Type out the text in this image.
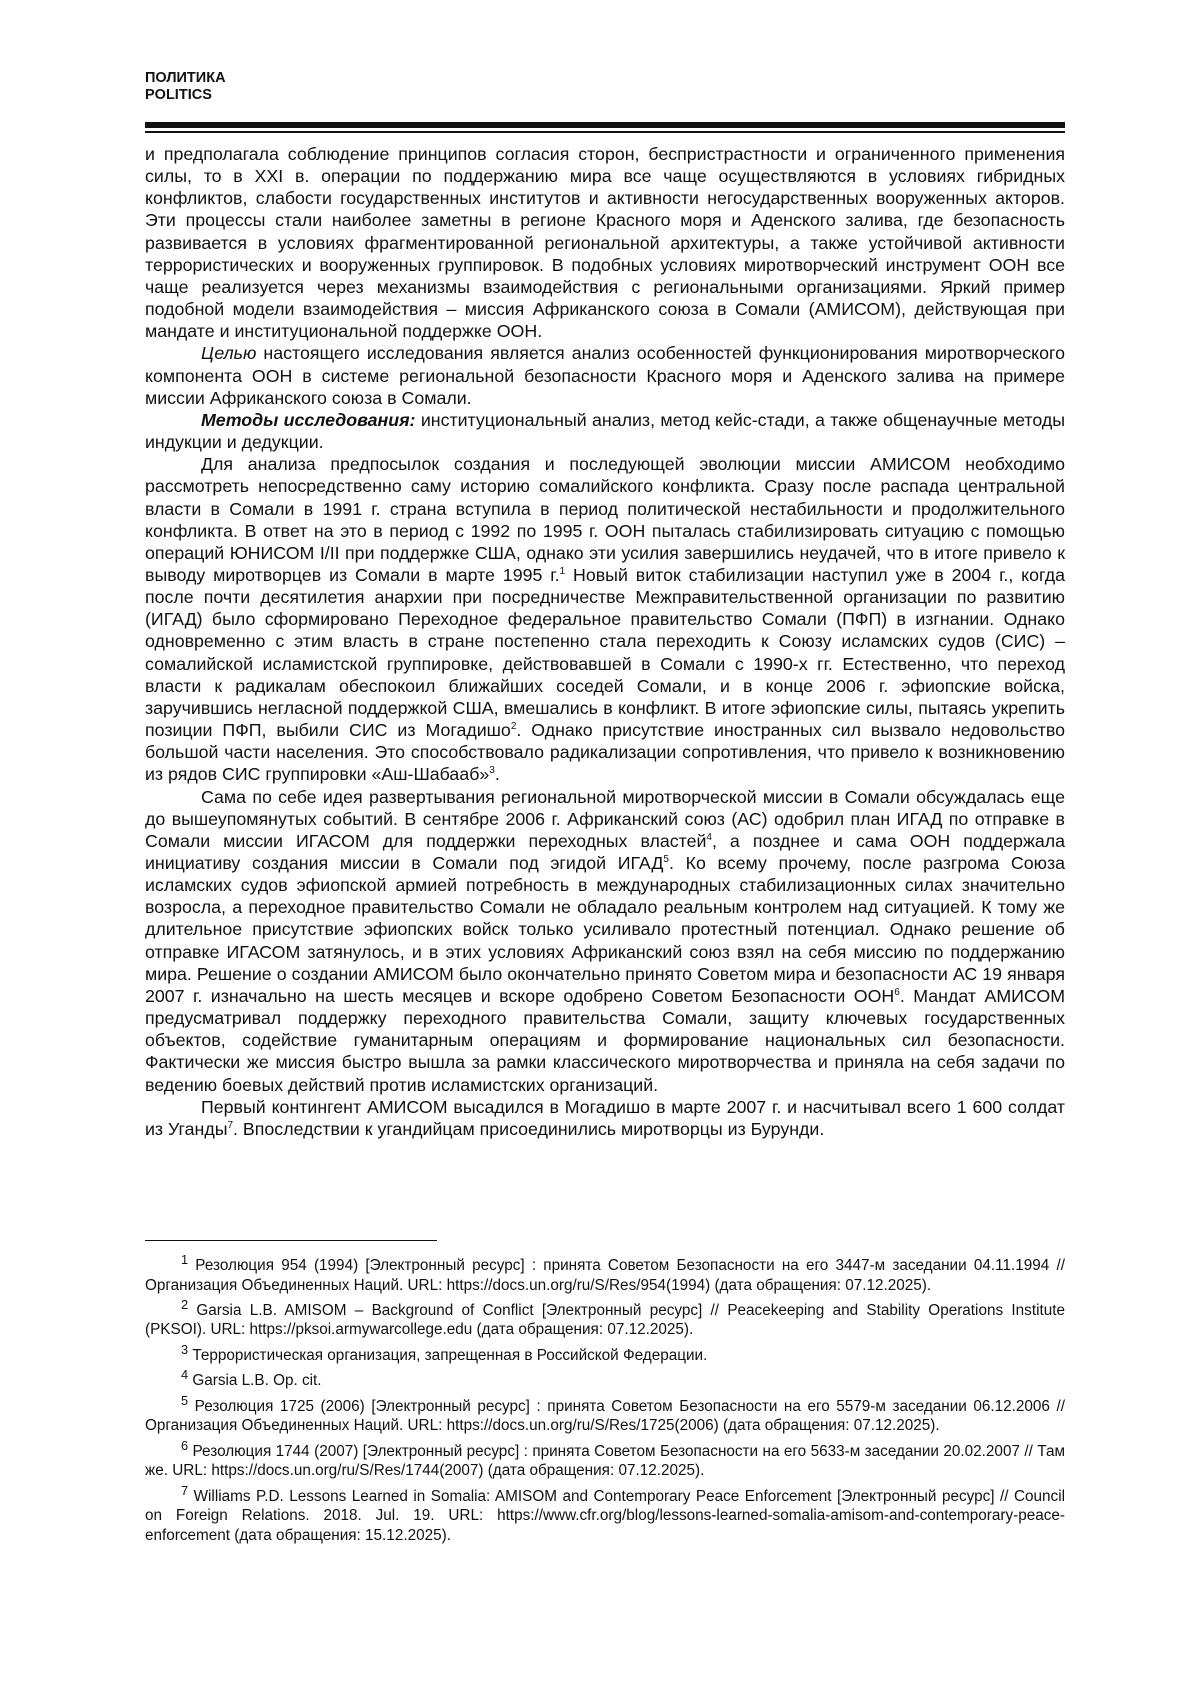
ПОЛИТИКА
POLITICS

и предполагала соблюдение принципов согласия сторон, беспристрастности и ограниченного применения силы, то в XXI в. операции по поддержанию мира все чаще осуществляются в условиях гибридных конфликтов, слабости государственных институтов и активности негосударственных вооруженных акторов. Эти процессы стали наиболее заметны в регионе Красного моря и Аденского залива, где безопасность развивается в условиях фрагментированной региональной архитектуры, а также устойчивой активности террористических и вооруженных группировок. В подобных условиях миротворческий инструмент ООН все чаще реализуется через механизмы взаимодействия с региональными организациями. Яркий пример подобной модели взаимодействия – миссия Африканского союза в Сомали (АМИСОМ), действующая при мандате и институциональной поддержке ООН.

Целью настоящего исследования является анализ особенностей функционирования миротворческого компонента ООН в системе региональной безопасности Красного моря и Аденского залива на примере миссии Африканского союза в Сомали.

Методы исследования: институциональный анализ, метод кейс-стади, а также общенаучные методы индукции и дедукции.

Для анализа предпосылок создания и последующей эволюции миссии АМИСОМ необходимо рассмотреть непосредственно саму историю сомалийского конфликта. Сразу после распада центральной власти в Сомали в 1991 г. страна вступила в период политической нестабильности и продолжительного конфликта. В ответ на это в период с 1992 по 1995 г. ООН пыталась стабилизировать ситуацию с помощью операций ЮНИСОМ I/II при поддержке США, однако эти усилия завершились неудачей, что в итоге привело к выводу миротворцев из Сомали в марте 1995 г.$^1$ Новый виток стабилизации наступил уже в 2004 г., когда после почти десятилетия анархии при посредничестве Межправительственной организации по развитию (ИГАД) было сформировано Переходное федеральное правительство Сомали (ПФП) в изгнании. Однако одновременно с этим власть в стране постепенно стала переходить к Союзу исламских судов (СИС) – сомалийской исламистской группировке, действовавшей в Сомали с 1990-х гг. Естественно, что переход власти к радикалам обеспокоил ближайших соседей Сомали, и в конце 2006 г. эфиопские войска, заручившись негласной поддержкой США, вмешались в конфликт. В итоге эфиопские силы, пытаясь укрепить позиции ПФП, выбили СИС из Могадишо$^2$. Однако присутствие иностранных сил вызвало недовольство большой части населения. Это способствовало радикализации сопротивления, что привело к возникновению из рядов СИС группировки «Аш-Шабааб»$^3$.

Сама по себе идея развертывания региональной миротворческой миссии в Сомали обсуждалась еще до вышеупомянутых событий. В сентябре 2006 г. Африканский союз (АС) одобрил план ИГАД по отправке в Сомали миссии ИГАСОМ для поддержки переходных властей$^4$, а позднее и сама ООН поддержала инициативу создания миссии в Сомали под эгидой ИГАД$^5$. Ко всему прочему, после разгрома Союза исламских судов эфиопской армией потребность в международных стабилизационных силах значительно возросла, а переходное правительство Сомали не обладало реальным контролем над ситуацией. К тому же длительное присутствие эфиопских войск только усиливало протестный потенциал. Однако решение об отправке ИГАСОМ затянулось, и в этих условиях Африканский союз взял на себя миссию по поддержанию мира. Решение о создании АМИСОМ было окончательно принято Советом мира и безопасности АС 19 января 2007 г. изначально на шесть месяцев и вскоре одобрено Советом Безопасности ООН$^6$. Мандат АМИСОМ предусматривал поддержку переходного правительства Сомали, защиту ключевых государственных объектов, содействие гуманитарным операциям и формирование национальных сил безопасности. Фактически же миссия быстро вышла за рамки классического миротворчества и приняла на себя задачи по ведению боевых действий против исламистских организаций.

Первый контингент АМИСОМ высадился в Могадишо в марте 2007 г. и насчитывал всего 1 600 солдат из Уганды$^7$. Впоследствии к угандийцам присоединились миротворцы из Бурунди.

$^1$ Резолюция 954 (1994) [Электронный ресурс] : принята Советом Безопасности на его 3447-м заседании 04.11.1994 // Организация Объединенных Наций. URL: https://docs.un.org/ru/S/Res/954(1994) (дата обращения: 07.12.2025).

$^2$ Garsia L.B. AMISOM – Background of Conflict [Электронный ресурс] // Peacekeeping and Stability Operations Institute (PKSOI). URL: https://pksoi.armywarcollege.edu (дата обращения: 07.12.2025).

$^3$ Террористическая организация, запрещенная в Российской Федерации.

$^4$ Garsia L.B. Op. cit.

$^5$ Резолюция 1725 (2006) [Электронный ресурс] : принята Советом Безопасности на его 5579-м заседании 06.12.2006 // Организация Объединенных Наций. URL: https://docs.un.org/ru/S/Res/1725(2006) (дата обращения: 07.12.2025).

$^6$ Резолюция 1744 (2007) [Электронный ресурс] : принята Советом Безопасности на его 5633-м заседании 20.02.2007 // Там же. URL: https://docs.un.org/ru/S/Res/1744(2007) (дата обращения: 07.12.2025).

$^7$ Williams P.D. Lessons Learned in Somalia: AMISOM and Contemporary Peace Enforcement [Электронный ресурс] // Council on Foreign Relations. 2018. Jul. 19. URL: https://www.cfr.org/blog/lessons-learned-somalia-amisom-and-contemporary-peace-enforcement (дата обращения: 15.12.2025).
